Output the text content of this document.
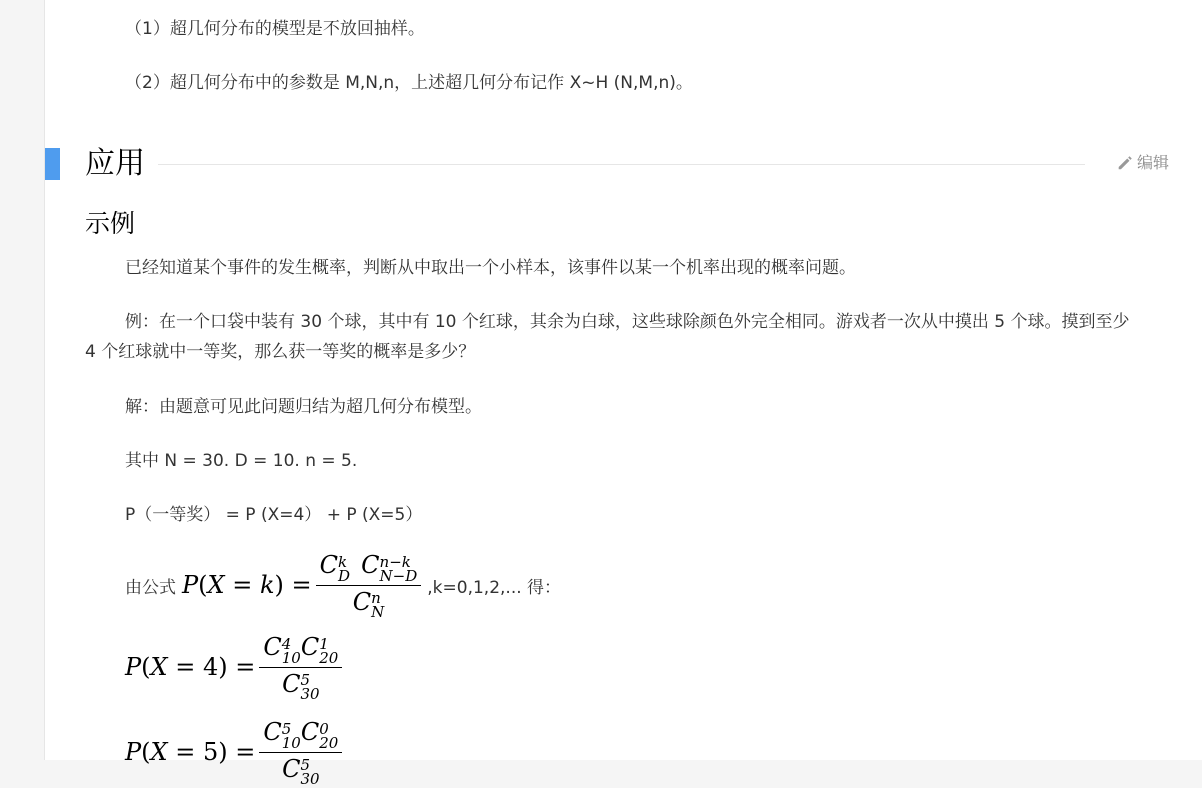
（1）超几何分布的模型是不放回抽样。
（2）超几何分布中的参数是 M,N,n，上述超几何分布记作 X~H (N,M,n)。
应用	编辑
示例
已经知道某个事件的发生概率，判断从中取出一个小样本，该事件以某一个机率出现的概率问题。
例：在一个口袋中装有 30 个球，其中有 10 个红球，其余为白球，这些球除颜色外完全相同。游戏者一次从中摸出 5 个球。摸到至少 4 个红球就中一等奖，那么获一等奖的概率是多少？
解：由题意可见此问题归结为超几何分布模型。
其中 N = 30. D = 10. n = 5.
P（一等奖） = P (X=4） + P (X=5）
由公式 P(X = k) = C k
D C n−k
N−D
C n
N ,k=0,1,2,... 得：
P(X = 4) = C 4
10 C 1
20
C 5
30
P(X = 5) = C 5
10 C 0
20
C 5
30
